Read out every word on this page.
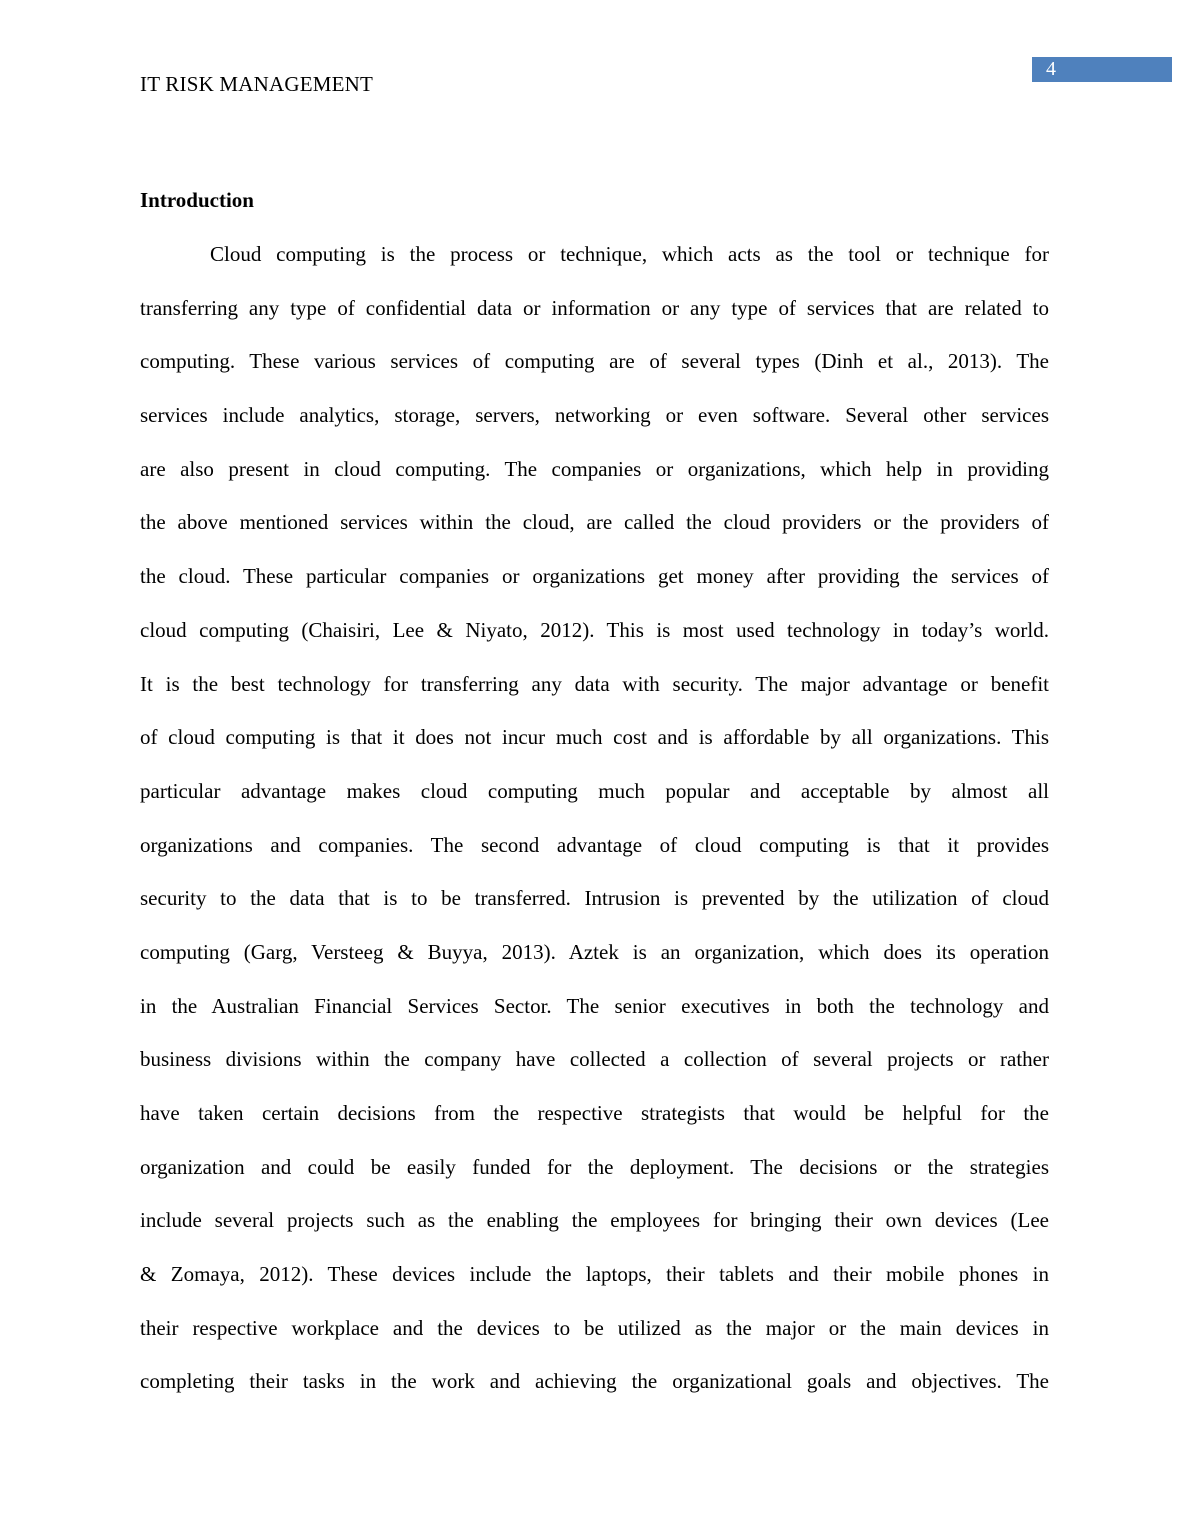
4
IT RISK MANAGEMENT
Introduction
Cloud computing is the process or technique, which acts as the tool or technique for
transferring any type of confidential data or information or any type of services that are related to
computing. These various services of computing are of several types (Dinh et al., 2013). The
services include analytics, storage, servers, networking or even software. Several other services
are also present in cloud computing. The companies or organizations, which help in providing
the above mentioned services within the cloud, are called the cloud providers or the providers of
the cloud. These particular companies or organizations get money after providing the services of
cloud computing (Chaisiri, Lee & Niyato, 2012). This is most used technology in today’s world.
It is the best technology for transferring any data with security. The major advantage or benefit
of cloud computing is that it does not incur much cost and is affordable by all organizations. This
particular advantage makes cloud computing much popular and acceptable by almost all
organizations and companies. The second advantage of cloud computing is that it provides
security to the data that is to be transferred. Intrusion is prevented by the utilization of cloud
computing (Garg, Versteeg & Buyya, 2013). Aztek is an organization, which does its operation
in the Australian Financial Services Sector. The senior executives in both the technology and
business divisions within the company have collected a collection of several projects or rather
have taken certain decisions from the respective strategists that would be helpful for the
organization and could be easily funded for the deployment. The decisions or the strategies
include several projects such as the enabling the employees for bringing their own devices (Lee
& Zomaya, 2012). These devices include the laptops, their tablets and their mobile phones in
their respective workplace and the devices to be utilized as the major or the main devices in
completing their tasks in the work and achieving the organizational goals and objectives. The
